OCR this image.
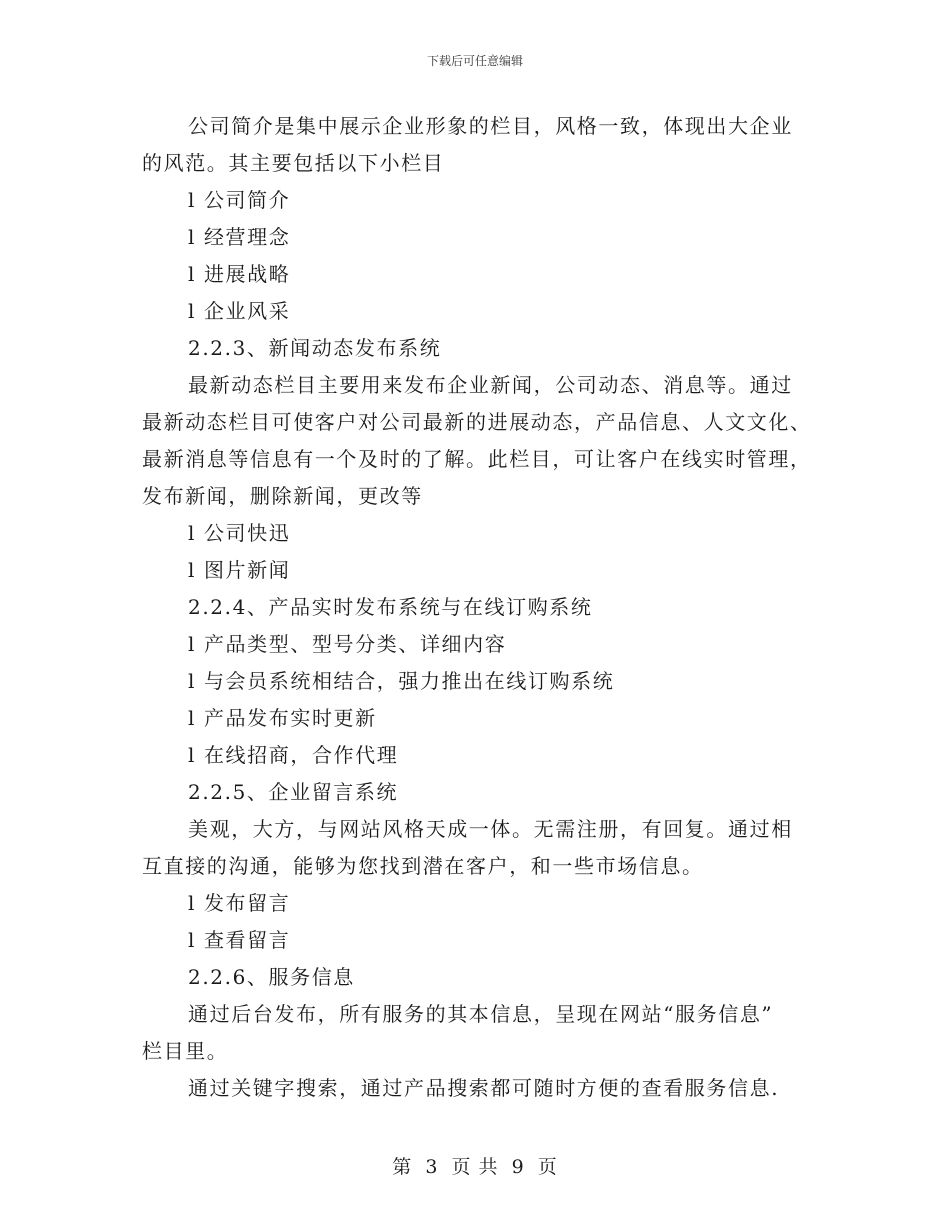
下载后可任意编辑
公司简介是集中展示企业形象的栏目，风格一致，体现出大企业
的风范。其主要包括以下小栏目
l 公司简介
l 经营理念
l 进展战略
l 企业风采
2.2.3、新闻动态发布系统
最新动态栏目主要用来发布企业新闻，公司动态、消息等。通过
最新动态栏目可使客户对公司最新的进展动态，产品信息、人文文化、
最新消息等信息有一个及时的了解。此栏目，可让客户在线实时管理，
发布新闻，删除新闻，更改等
l 公司快迅
l 图片新闻
2.2.4、产品实时发布系统与在线订购系统
l 产品类型、型号分类、详细内容
l 与会员系统相结合，强力推出在线订购系统
l 产品发布实时更新
l 在线招商，合作代理
2.2.5、企业留言系统
美观，大方，与网站风格天成一体。无需注册，有回复。通过相
互直接的沟通，能够为您找到潜在客户，和一些市场信息。
l 发布留言
l 查看留言
2.2.6、服务信息
通过后台发布，所有服务的其本信息，呈现在网站“服务信息”
栏目里。
通过关键字搜索，通过产品搜索都可随时方便的查看服务信息.
第 3 页 共 9 页
